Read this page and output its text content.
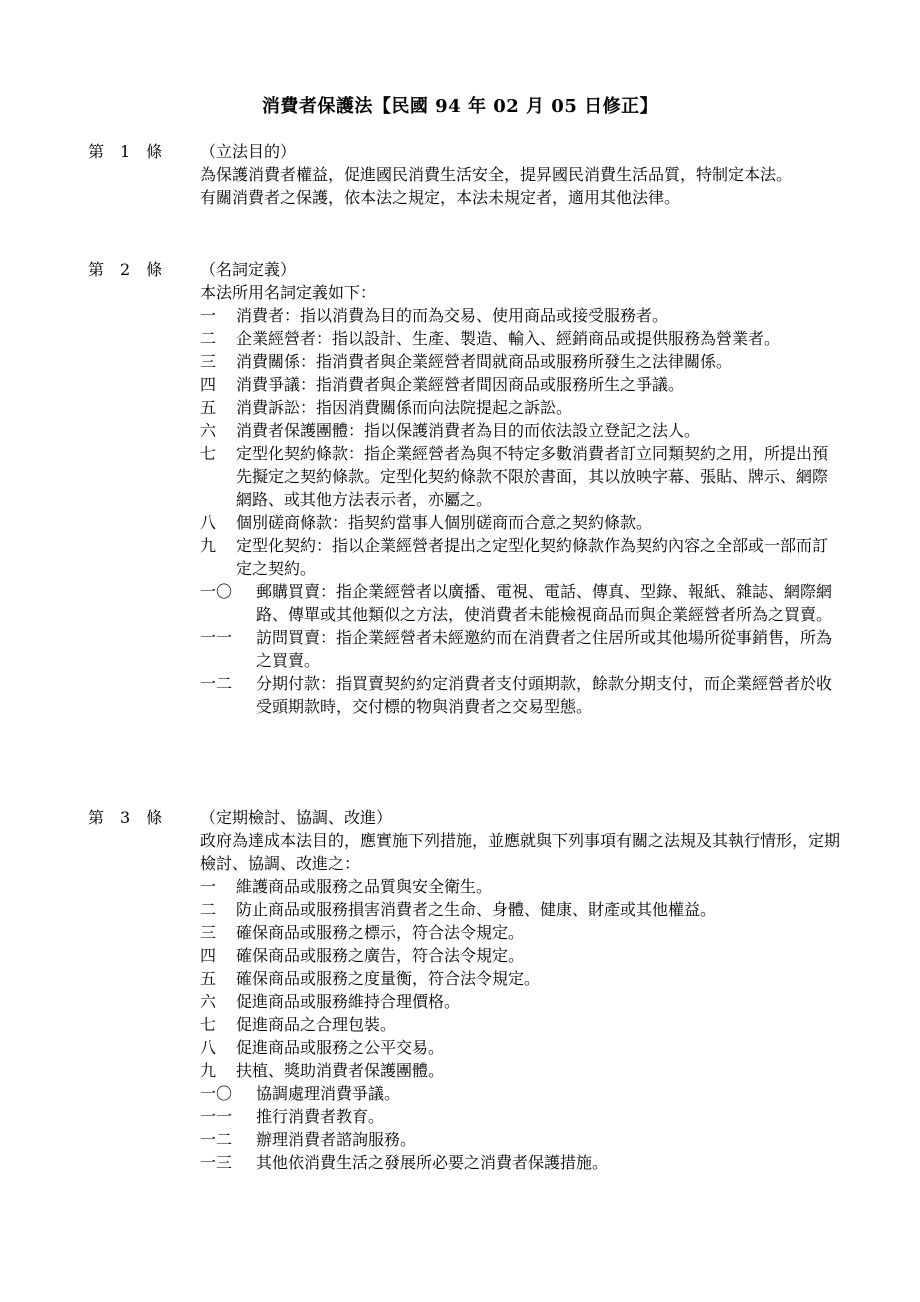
消費者保護法【民國 94 年 02 月 05 日修正】
第　1　條 （立法目的）

為保護消費者權益，促進國民消費生活安全，提昇國民消費生活品質，特制定本法。

有關消費者之保護，依本法之規定，本法未規定者，適用其他法律。

第　2　條 （名詞定義）

本法所用名詞定義如下：

一 消費者：指以消費為目的而為交易、使用商品或接受服務者。
二 企業經營者：指以設計、生產、製造、輸入、經銷商品或提供服務為營業者。
三 消費關係：指消費者與企業經營者間就商品或服務所發生之法律關係。
四 消費爭議：指消費者與企業經營者間因商品或服務所生之爭議。
五 消費訴訟：指因消費關係而向法院提起之訴訟。
六 消費者保護團體：指以保護消費者為目的而依法設立登記之法人。
七 定型化契約條款：指企業經營者為與不特定多數消費者訂立同類契約之用，所提出預先擬定之契約條款。定型化契約條款不限於書面，其以放映字幕、張貼、牌示、網際網路、或其他方法表示者，亦屬之。
八 個別磋商條款：指契約當事人個別磋商而合意之契約條款。
九 定型化契約：指以企業經營者提出之定型化契約條款作為契約內容之全部或一部而訂定之契約。
一〇 郵購買賣：指企業經營者以廣播、電視、電話、傳真、型錄、報紙、雜誌、網際網路、傳單或其他類似之方法，使消費者未能檢視商品而與企業經營者所為之買賣。
一一 訪問買賣：指企業經營者未經邀約而在消費者之住居所或其他場所從事銷售，所為之買賣。
一二 分期付款：指買賣契約約定消費者支付頭期款，餘款分期支付，而企業經營者於收受頭期款時，交付標的物與消費者之交易型態。
第　3　條 （定期檢討、協調、改進）

政府為達成本法目的，應實施下列措施，並應就與下列事項有關之法規及其執行情形，定期檢討、協調、改進之：

一 維護商品或服務之品質與安全衛生。
二 防止商品或服務損害消費者之生命、身體、健康、財產或其他權益。
三 確保商品或服務之標示，符合法令規定。
四 確保商品或服務之廣告，符合法令規定。
五 確保商品或服務之度量衡，符合法令規定。
六 促進商品或服務維持合理價格。
七 促進商品之合理包裝。
八 促進商品或服務之公平交易。
九 扶植、獎助消費者保護團體。
一〇 協調處理消費爭議。
一一 推行消費者教育。
一二 辦理消費者諮詢服務。
一三 其他依消費生活之發展所必要之消費者保護措施。
